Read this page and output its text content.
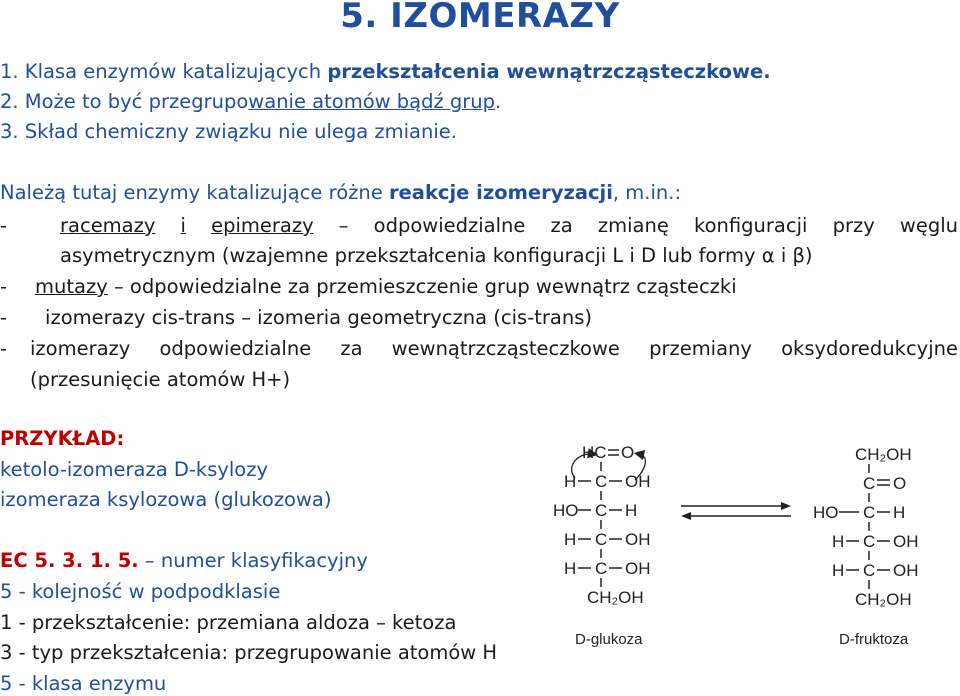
5. IZOMERAZY
1. Klasa enzymów katalizujących przekształcenia wewnątrzcząsteczkowe.
2. Może to być przegrupowanie atomów bądź grup.
3. Skład chemiczny związku nie ulega zmianie.
Należą tutaj enzymy katalizujące różne reakcje izomeryzacji, m.in.:
-	racemazy i epimerazy – odpowiedzialne za zmianę konfiguracji przy węglu
asymetrycznym (wzajemne przekształcenia konfiguracji L i D lub formy α i β)
- mutazy – odpowiedzialne za przemieszczenie grup wewnątrz cząsteczki
- izomerazy cis-trans – izomeria geometryczna (cis-trans)
- izomerazy odpowiedzialne za wewnątrzcząsteczkowe przemiany oksydoredukcyjne
(przesunięcie atomów H+)
PRZYKŁAD:
ketolo-izomeraza D-ksylozy
izomeraza ksylozowa (glukozowa)
EC 5. 3. 1. 5. – numer klasyfikacyjny
5 - kolejność w podpodklasie
1 - przekształcenie: przemiana aldoza – ketoza
3 - typ przekształcenia: przegrupowanie atomów H
5 - klasa enzymu
HC O
H C OH
HO C H
H C OH
H C OH
CH₂OH
D-glukoza
CH₂OH
C O
HO C H
H C OH
H C OH
CH₂OH
D-fruktoza
